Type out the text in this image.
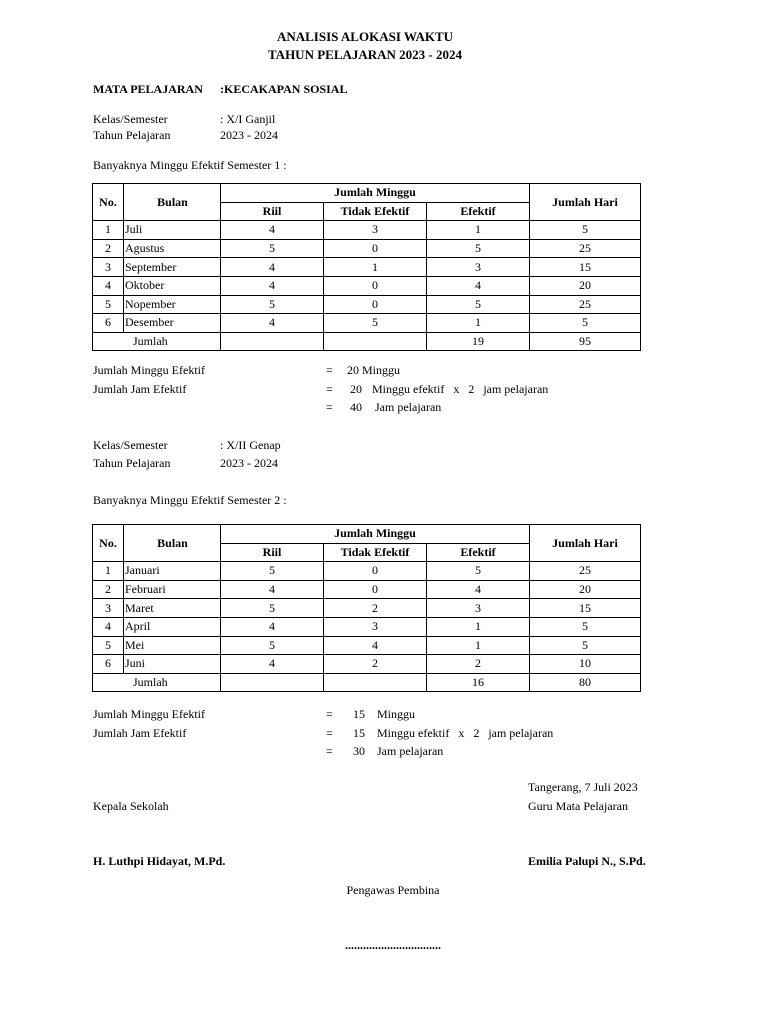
ANALISIS ALOKASI WAKTU
TAHUN PELAJARAN 2023 - 2024
MATA PELAJARAN :KECAKAPAN SOSIAL
Kelas/Semester	: X/I Ganjil
Tahun Pelajaran	2023 - 2024
Banyaknya Minggu Efektif Semester 1 :
No.	Bulan	Jumlah Minggu			Jumlah Hari
		Riil	Tidak Efektif	Efektif	
1	Juli	4	3	1	5
2	Agustus	5	0	5	25
3	September	4	1	3	15
4	Oktober	4	0	4	20
5	Nopember	5	0	5	25
6	Desember	4	5	1	5
Jumlah				19	95
Jumlah Minggu Efektif	= 20 Minggu
Jumlah Jam Efektif	= 20 Minggu efektif   x   2   jam pelajaran
= 40 Jam pelajaran
Kelas/Semester	: X/II Genap
Tahun Pelajaran	2023 - 2024
Banyaknya Minggu Efektif Semester 2 :
No.	Bulan	Jumlah Minggu			Jumlah Hari
		Riil	Tidak Efektif	Efektif	
1	Januari	5	0	5	25
2	Februari	4	0	4	20
3	Maret	5	2	3	15
4	April	4	3	1	5
5	Mei	5	4	1	5
6	Juni	4	2	2	10
Jumlah				16	80
Jumlah Minggu Efektif	= 15 Minggu
Jumlah Jam Efektif	= 15 Minggu efektif   x   2   jam pelajaran
= 30 Jam pelajaran
Tangerang, 7 Juli 2023
Kepala Sekolah	Guru Mata Pelajaran
H. Luthpi Hidayat, M.Pd.	Emilia Palupi N., S.Pd.
Pengawas Pembina
................................
